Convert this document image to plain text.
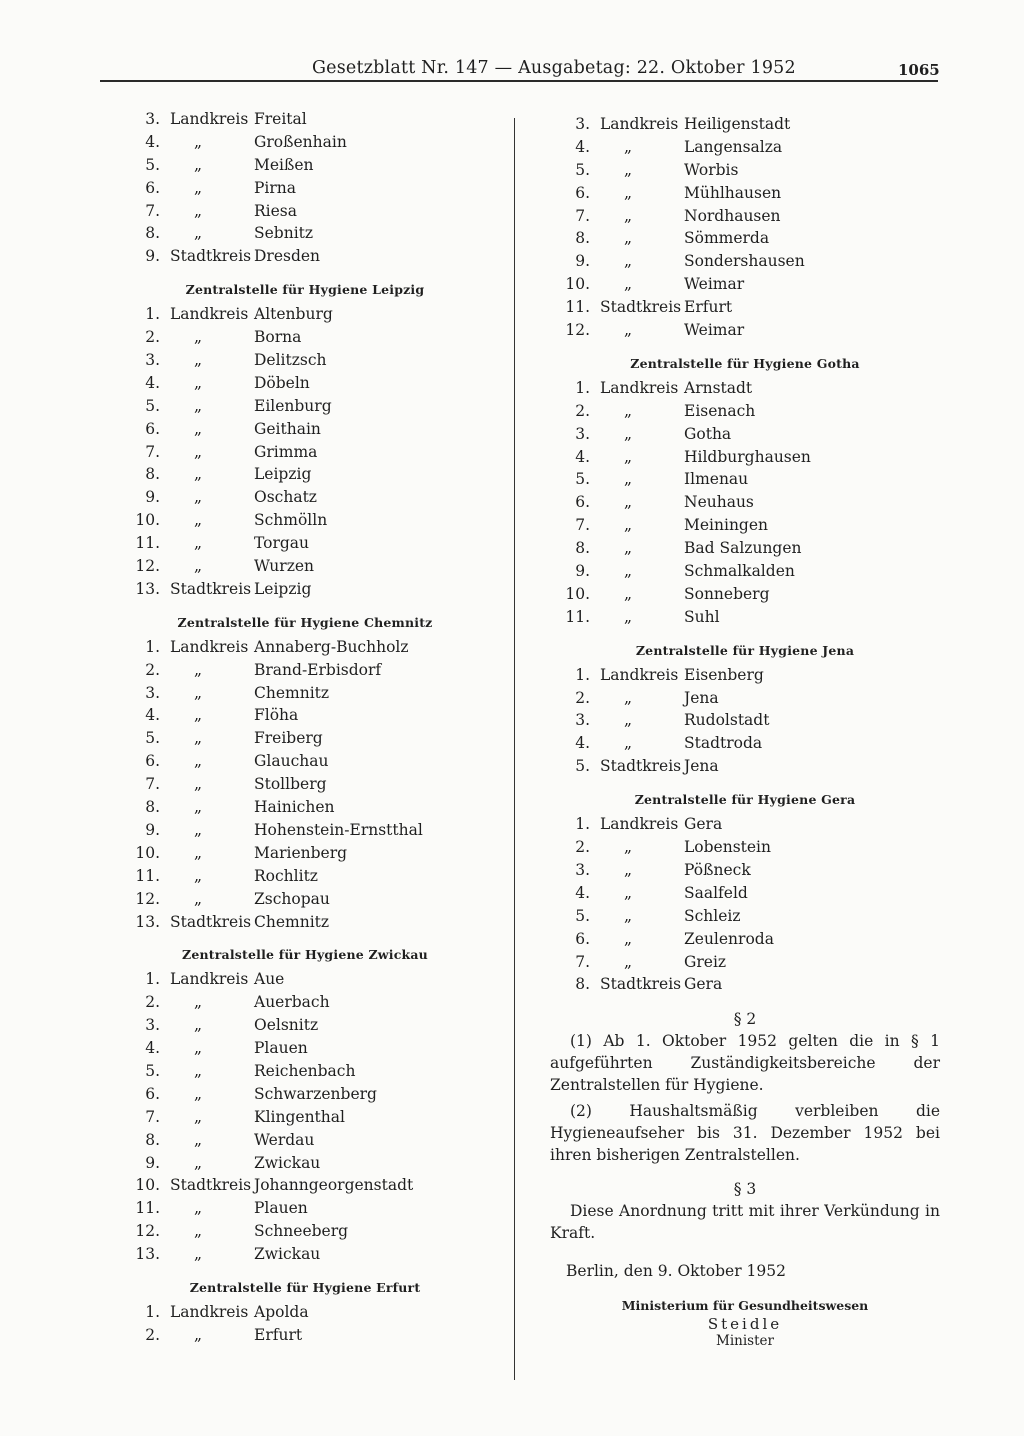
Gesetzblatt Nr. 147 — Ausgabetag: 22. Oktober 1952	1065
3. Landkreis Freital
4.	„	Großenhain
5.	„	Meißen
6.	„	Pirna
7.	„	Riesa
8.	„	Sebnitz
9. Stadtkreis Dresden
Zentralstelle für Hygiene Leipzig
1. Landkreis Altenburg
2.	„	Borna
3.	„	Delitzsch
4.	„	Döbeln
5.	„	Eilenburg
6.	„	Geithain
7.	„	Grimma
8.	„	Leipzig
9.	„	Oschatz
10.	„	Schmölln
11.	„	Torgau
12.	„	Wurzen
13. Stadtkreis Leipzig
Zentralstelle für Hygiene Chemnitz
1. Landkreis Annaberg-Buchholz
2.	„	Brand-Erbisdorf
3.	„	Chemnitz
4.	„	Flöha
5.	„	Freiberg
6.	„	Glauchau
7.	„	Stollberg
8.	„	Hainichen
9.	„	Hohenstein-Ernstthal
10.	„	Marienberg
11.	„	Rochlitz
12.	„	Zschopau
13. Stadtkreis Chemnitz
Zentralstelle für Hygiene Zwickau
1. Landkreis Aue
2.	„	Auerbach
3.	„	Oelsnitz
4.	„	Plauen
5.	„	Reichenbach
6.	„	Schwarzenberg
7.	„	Klingenthal
8.	„	Werdau
9.	„	Zwickau
10. Stadtkreis Johanngeorgenstadt
11.	„	Plauen
12.	„	Schneeberg
13.	„	Zwickau
Zentralstelle für Hygiene Erfurt
1. Landkreis Apolda
2.	„	Erfurt
3. Landkreis Heiligenstadt
4.	„	Langensalza
5.	„	Worbis
6.	„	Mühlhausen
7.	„	Nordhausen
8.	„	Sömmerda
9.	„	Sondershausen
10.	„	Weimar
11. Stadtkreis Erfurt
12.	„	Weimar
Zentralstelle für Hygiene Gotha
1. Landkreis Arnstadt
2.	„	Eisenach
3.	„	Gotha
4.	„	Hildburghausen
5.	„	Ilmenau
6.	„	Neuhaus
7.	„	Meiningen
8.	„	Bad Salzungen
9.	„	Schmalkalden
10.	„	Sonneberg
11.	„	Suhl
Zentralstelle für Hygiene Jena
1. Landkreis Eisenberg
2.	„	Jena
3.	„	Rudolstadt
4.	„	Stadtroda
5. Stadtkreis Jena
Zentralstelle für Hygiene Gera
1. Landkreis Gera
2.	„	Lobenstein
3.	„	Pößneck
4.	„	Saalfeld
5.	„	Schleiz
6.	„	Zeulenroda
7.	„	Greiz
8. Stadtkreis Gera
§ 2
(1) Ab 1. Oktober 1952 gelten die in § 1 aufgeführten Zuständigkeitsbereiche der Zentralstellen für Hygiene.
(2) Haushaltsmäßig verbleiben die Hygieneaufseher bis 31. Dezember 1952 bei ihren bisherigen Zentralstellen.
§ 3
Diese Anordnung tritt mit ihrer Verkündung in Kraft.
Berlin, den 9. Oktober 1952
Ministerium für Gesundheitswesen
Steidle
Minister
